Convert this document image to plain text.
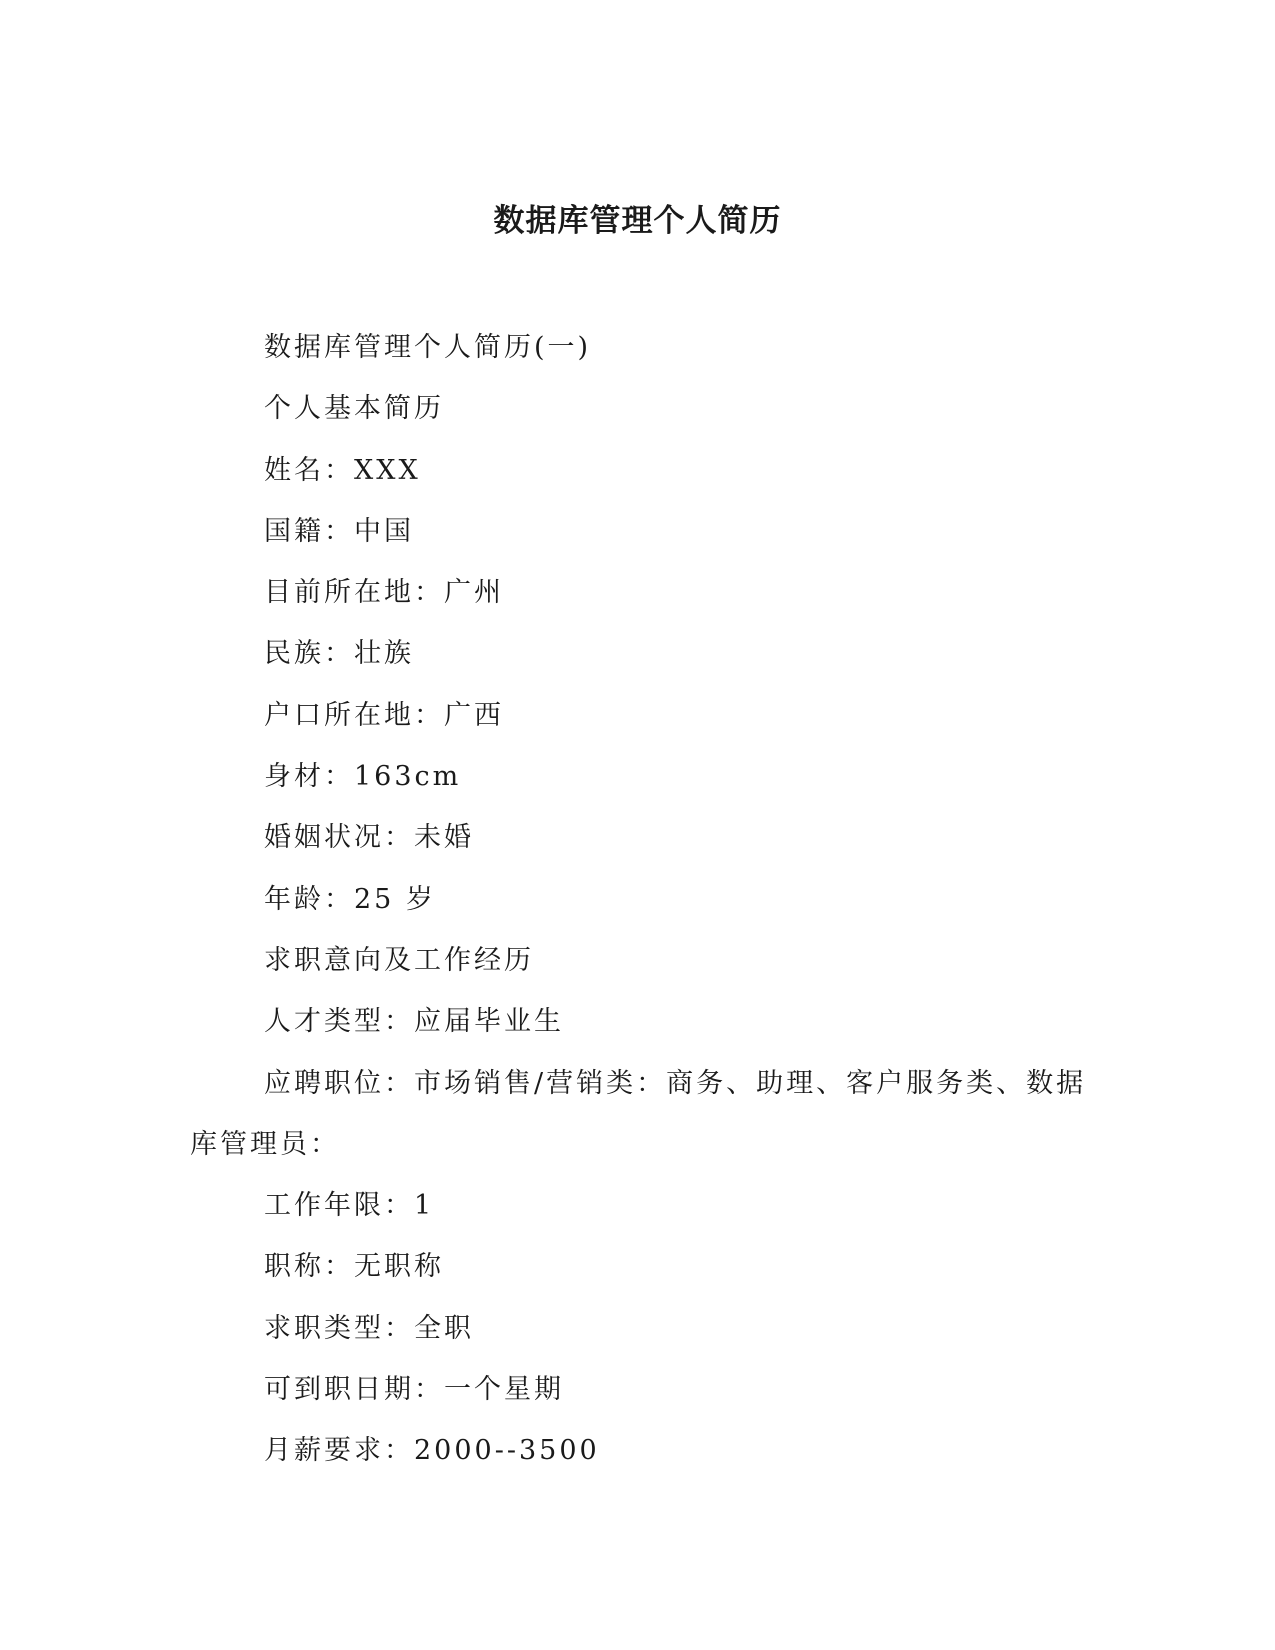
数据库管理个人简历

数据库管理个人简历(一)

个人基本简历

姓名：XXX

国籍：中国

目前所在地：广州

民族：壮族

户口所在地：广西

身材：163cm

婚姻状况：未婚

年龄：25 岁

求职意向及工作经历

人才类型：应届毕业生

应聘职位：市场销售/营销类：商务、助理、客户服务类、数据库管理员：

工作年限：1

职称：无职称

求职类型：全职

可到职日期：一个星期

月薪要求：2000--3500
